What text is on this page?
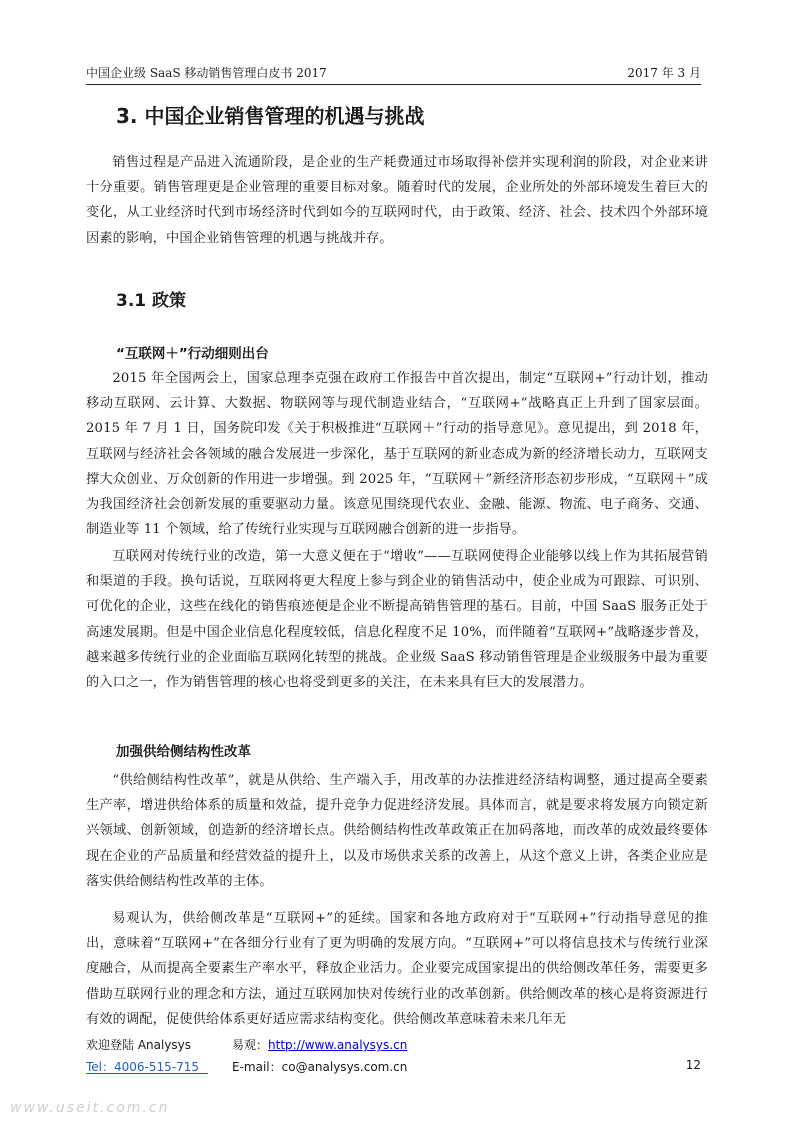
中国企业级 SaaS 移动销售管理白皮书 2017	2017 年 3 月
3. 中国企业销售管理的机遇与挑战

销售过程是产品进入流通阶段，是企业的生产耗费通过市场取得补偿并实现利润的阶段，对企业来讲十分重要。销售管理更是企业管理的重要目标对象。随着时代的发展，企业所处的外部环境发生着巨大的变化，从工业经济时代到市场经济时代到如今的互联网时代，由于政策、经济、社会、技术四个外部环境因素的影响，中国企业销售管理的机遇与挑战并存。

3.1 政策
“互联网＋”行动细则出台

2015 年全国两会上，国家总理李克强在政府工作报告中首次提出，制定“互联网+”行动计划，推动移动互联网、云计算、大数据、物联网等与现代制造业结合，“互联网+”战略真正上升到了国家层面。2015 年 7 月 1 日，国务院印发《关于积极推进“互联网＋”行动的指导意见》。意见提出，到 2018 年，互联网与经济社会各领域的融合发展进一步深化，基于互联网的新业态成为新的经济增长动力，互联网支撑大众创业、万众创新的作用进一步增强。到 2025 年，“互联网＋”新经济形态初步形成，“互联网＋”成为我国经济社会创新发展的重要驱动力量。该意见围绕现代农业、金融、能源、物流、电子商务、交通、制造业等 11 个领域，给了传统行业实现与互联网融合创新的进一步指导。

互联网对传统行业的改造，第一大意义便在于“增收”——互联网使得企业能够以线上作为其拓展营销和渠道的手段。换句话说，互联网将更大程度上参与到企业的销售活动中，使企业成为可跟踪、可识别、可优化的企业，这些在线化的销售痕迹便是企业不断提高销售管理的基石。目前，中国 SaaS 服务正处于高速发展期。但是中国企业信息化程度较低，信息化程度不足 10%，而伴随着“互联网+”战略逐步普及，越来越多传统行业的企业面临互联网化转型的挑战。企业级 SaaS 移动销售管理是企业级服务中最为重要的入口之一，作为销售管理的核心也将受到更多的关注，在未来具有巨大的发展潜力。

加强供给侧结构性改革

“供给侧结构性改革”，就是从供给、生产端入手，用改革的办法推进经济结构调整，通过提高全要素生产率，增进供给体系的质量和效益，提升竞争力促进经济发展。具体而言，就是要求将发展方向锁定新兴领域、创新领域，创造新的经济增长点。供给侧结构性改革政策正在加码落地，而改革的成效最终要体现在企业的产品质量和经营效益的提升上，以及市场供求关系的改善上，从这个意义上讲，各类企业应是落实供给侧结构性改革的主体。

易观认为，供给侧改革是“互联网+”的延续。国家和各地方政府对于“互联网+”行动指导意见的推出，意味着“互联网+”在各细分行业有了更为明确的发展方向。“互联网+”可以将信息技术与传统行业深度融合，从而提高全要素生产率水平，释放企业活力。企业要完成国家提出的供给侧改革任务，需要更多借助互联网行业的理念和方法，通过互联网加快对传统行业的改革创新。供给侧改革的核心是将资源进行有效的调配，促使供给体系更好适应需求结构变化。供给侧改革意味着未来几年无

欢迎登陆 Analysys	易观：http://www.analysys.cn
Tel：4006-515-715	E-mail：co@analysys.com.cn	12
www.useit.com.cn
